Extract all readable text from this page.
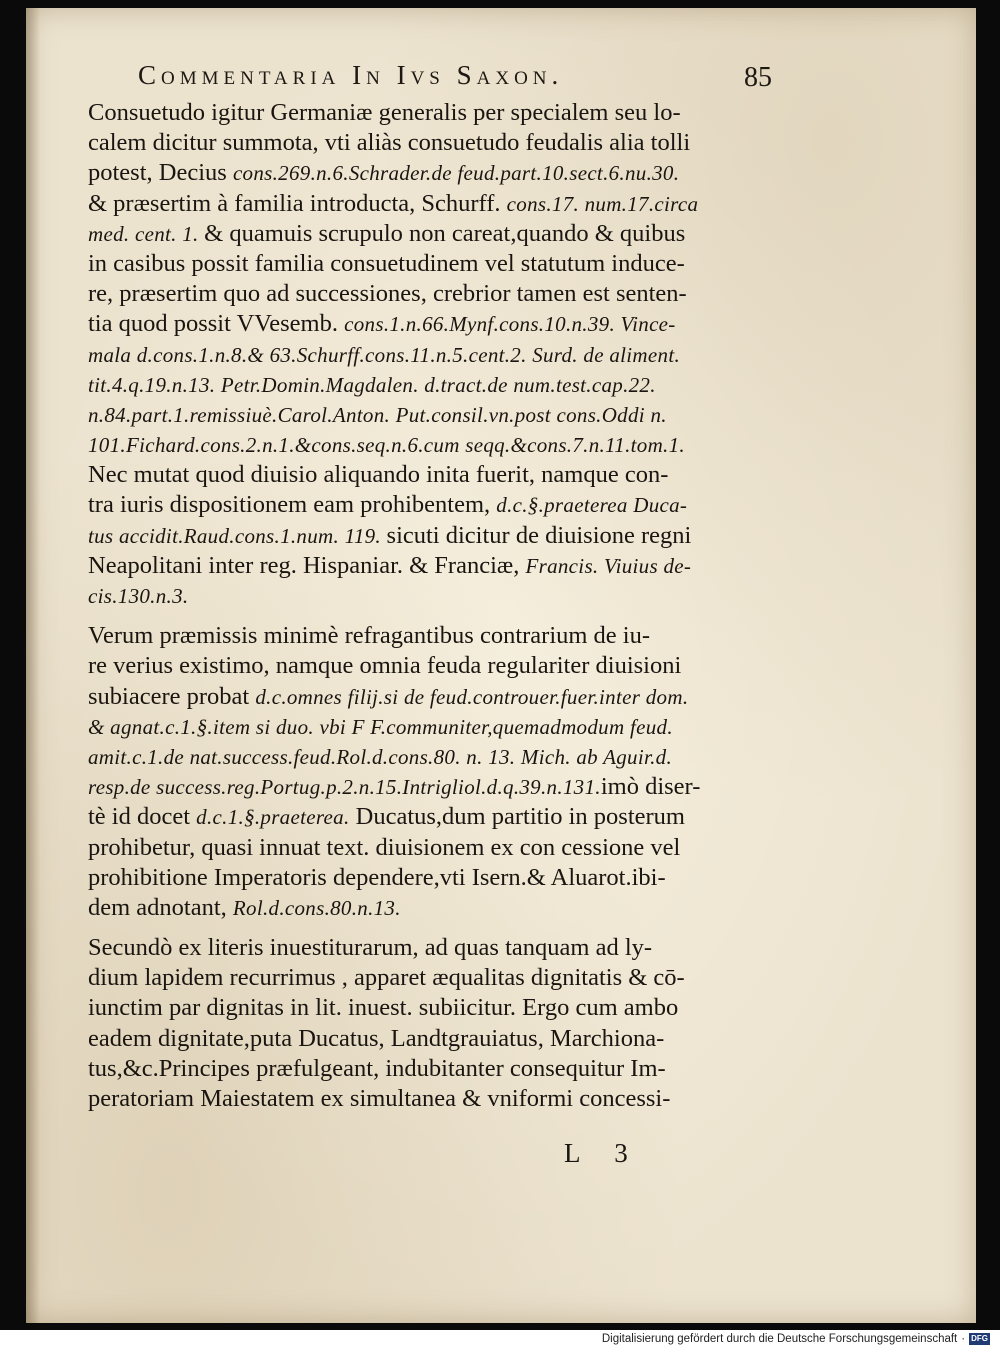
Commentaria In Ivs Saxon.	85
Consuetudo igitur Germaniæ generalis per specialem seu lo-
calem dicitur summota, vti aliàs consuetudo feudalis alia tolli
potest, Decius cons.269.n.6.Schrader.de feud.part.10.sect.6.nu.30.
& præsertim à familia introducta, Schurff. cons.17. num.17.circa
med. cent. 1. & quamuis scrupulo non careat,quando & quibus
in casibus possit familia consuetudinem vel statutum induce-
re, præsertim quo ad successiones, crebrior tamen est senten-
tia quod possit VVesemb. cons.1.n.66.Mynf.cons.10.n.39. Vince-
mala d.cons.1.n.8.& 63.Schurff.cons.11.n.5.cent.2. Surd. de aliment.
tit.4.q.19.n.13. Petr.Domin.Magdalen. d.tract.de num.test.cap.22.
n.84.part.1.remissiuè.Carol.Anton. Put.consil.vn.post cons.Oddi n.
101.Fichard.cons.2.n.1.&cons.seq.n.6.cum seqq.&cons.7.n.11.tom.1.
Nec mutat quod diuisio aliquando inita fuerit, namque con-
tra iuris dispositionem eam prohibentem, d.c.§.praeterea Duca-
tus accidit.Raud.cons.1.num. 119. sicuti dicitur de diuisione regni
Neapolitani inter reg. Hispaniar. & Franciæ, Francis. Viuius de-
cis.130.n.3.
Verum præmissis minimè refragantibus contrarium de iu-
re verius existimo, namque omnia feuda regulariter diuisioni
subiacere probat d.c.omnes filij.si de feud.controuer.fuer.inter dom.
& agnat.c.1.§.item si duo. vbi F F.communiter,quemadmodum feud.
amit.c.1.de nat.success.feud.Rol.d.cons.80. n. 13. Mich. ab Aguir.d.
resp.de success.reg.Portug.p.2.n.15.Intrigliol.d.q.39.n.131.imò diser-
tè id docet d.c.1.§.praeterea. Ducatus,dum partitio in posterum
prohibetur, quasi innuat text. diuisionem ex con cessione vel
prohibitione Imperatoris dependere,vti Isern.& Aluarot.ibi-
dem adnotant, Rol.d.cons.80.n.13.
Secundò ex literis inuestiturarum, ad quas tanquam ad ly-
dium lapidem recurrimus , apparet æqualitas dignitatis & cō-
iunctim par dignitas in lit. inuest. subiicitur. Ergo cum ambo
eadem dignitate,puta Ducatus, Landtgrauiatus, Marchiona-
tus,&c.Principes præfulgeant, indubitanter consequitur Im-
peratoriam Maiestatem ex simultanea & vniformi concessi-
L 3
Digitalisierung gefördert durch die Deutsche Forschungsgemeinschaft · DFG
